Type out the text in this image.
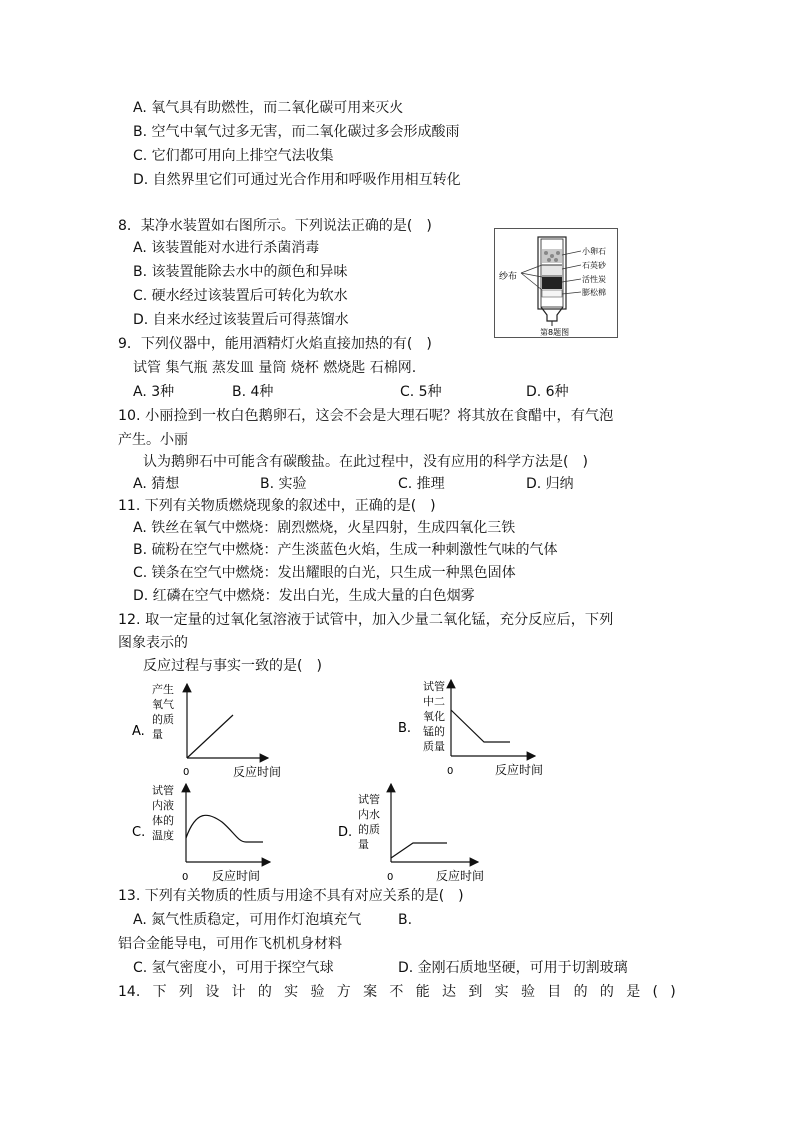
A. 氧气具有助燃性，而二氧化碳可用来灭火
B. 空气中氧气过多无害，而二氧化碳过多会形成酸雨
C. 它们都可用向上排空气法收集
D. 自然界里它们可通过光合作用和呼吸作用相互转化
8．某净水装置如右图所示。下列说法正确的是(　)
A. 该装置能对水进行杀菌消毒
B. 该装置能除去水中的颜色和异味
C. 硬水经过该装置后可转化为软水
D. 自来水经过该装置后可得蒸馏水
纱布
小卵石
石英砂
活性炭
膨松棉
第8题图
9．下列仪器中，能用酒精灯火焰直接加热的有(　)
试管 集气瓶 蒸发皿 量筒 烧杯 燃烧匙 石棉网.
A. 3种	B. 4种	C. 5种	D. 6种
10. 小丽捡到一枚白色鹅卵石，这会不会是大理石呢？将其放在食醋中，有气泡
产生。小丽
认为鹅卵石中可能含有碳酸盐。在此过程中，没有应用的科学方法是(　)
A. 猜想	B. 实验	C. 推理	D. 归纳
11. 下列有关物质燃烧现象的叙述中，正确的是(　)
A. 铁丝在氧气中燃烧：剧烈燃烧，火星四射，生成四氧化三铁
B. 硫粉在空气中燃烧：产生淡蓝色火焰，生成一种刺激性气味的气体
C. 镁条在空气中燃烧：发出耀眼的白光，只生成一种黑色固体
D. 红磷在空气中燃烧：发出白光，生成大量的白色烟雾
12. 取一定量的过氧化氢溶液于试管中，加入少量二氧化锰，充分反应后，下列
图象表示的
反应过程与事实一致的是(　)
A.
产生
氧气
的质
量
0	反应时间
B.
试管
中二
氧化
锰的
质量
0	反应时间
C.
试管
内液
体的
温度
0 反应时间
D.
试管
内水
的质
量
0	反应时间
13. 下列有关物质的性质与用途不具有对应关系的是(　)
A. 氮气性质稳定，可用作灯泡填充气	B.
铝合金能导电，可用作飞机机身材料
C. 氢气密度小，可用于探空气球	D. 金刚石质地坚硬，可用于切割玻璃
14. 下 列 设 计 的 实 验 方 案 不 能 达 到 实 验 目 的 的 是 ( )
